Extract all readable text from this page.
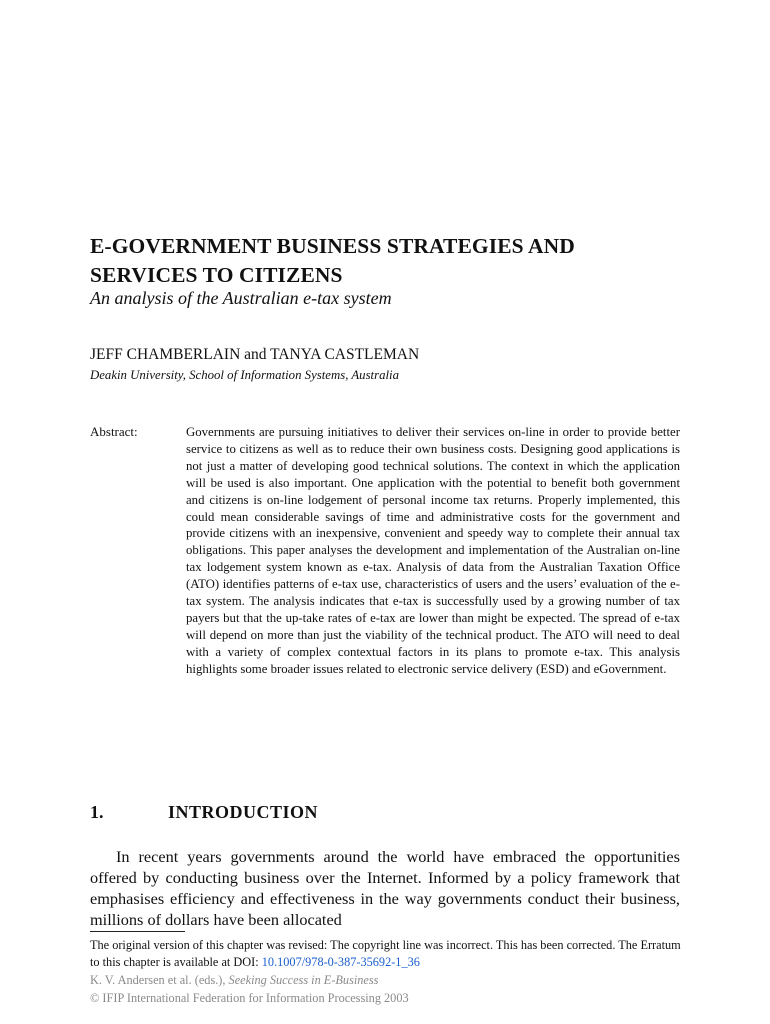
E-GOVERNMENT BUSINESS STRATEGIES AND
SERVICES TO CITIZENS
An analysis of the Australian e-tax system
JEFF CHAMBERLAIN and TANYA CASTLEMAN
Deakin University, School of Information Systems, Australia
Abstract:	Governments are pursuing initiatives to deliver their services on-line in order to provide better service to citizens as well as to reduce their own business costs. Designing good applications is not just a matter of developing good technical solutions. The context in which the application will be used is also important. One application with the potential to benefit both government and citizens is on-line lodgement of personal income tax returns. Properly implemented, this could mean considerable savings of time and administrative costs for the government and provide citizens with an inexpensive, convenient and speedy way to complete their annual tax obligations. This paper analyses the development and implementation of the Australian on-line tax lodgement system known as e-tax. Analysis of data from the Australian Taxation Office (ATO) identifies patterns of e-tax use, characteristics of users and the users’ evaluation of the e-tax system. The analysis indicates that e-tax is successfully used by a growing number of tax payers but that the up-take rates of e-tax are lower than might be expected. The spread of e-tax will depend on more than just the viability of the technical product. The ATO will need to deal with a variety of complex contextual factors in its plans to promote e-tax. This analysis highlights some broader issues related to electronic service delivery (ESD) and eGovernment.
1.	INTRODUCTION

In recent years governments around the world have embraced the opportunities offered by conducting business over the Internet. Informed by a policy framework that emphasises efficiency and effectiveness in the way governments conduct their business, millions of dollars have been allocated

The original version of this chapter was revised: The copyright line was incorrect. This has been corrected. The Erratum to this chapter is available at DOI: 10.1007/978-0-387-35692-1_36
K. V. Andersen et al. (eds.), Seeking Success in E-Business
© IFIP International Federation for Information Processing 2003
